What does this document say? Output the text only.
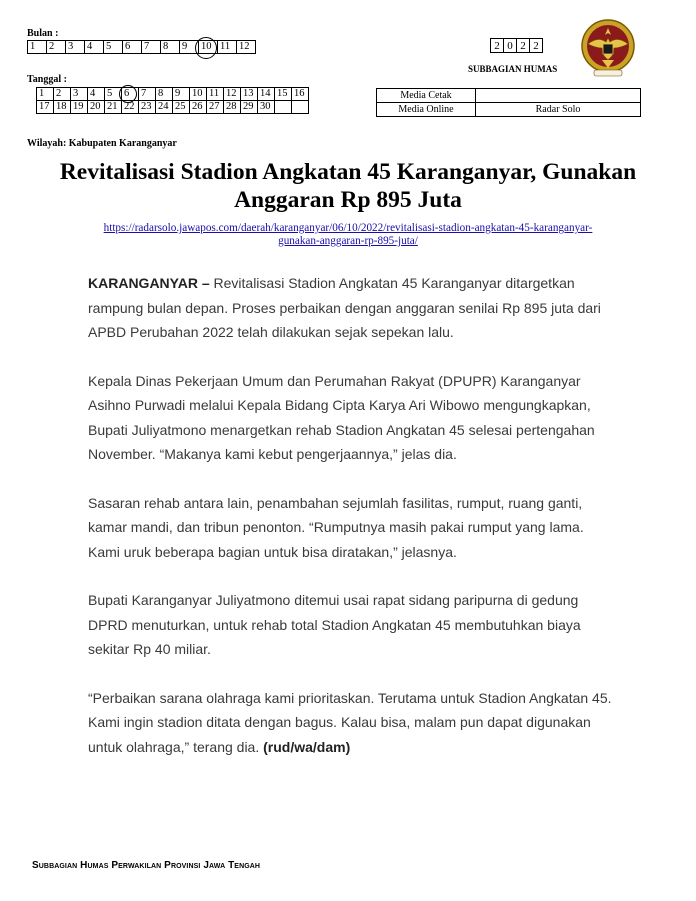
Bulan :
1	2	3	4	5	6	7	8	9	10	11	12	2	0	2	2
SUBBAGIAN HUMAS
Tanggal :
1	2	3	4	5	6	7	8	9	10	11	12	13	14	15	16
17	18	19	20	21	22	23	24	25	26	27	28	29	30		
Media Cetak	
Media Online	Radar Solo
Wilayah: Kabupaten Karanganyar
Revitalisasi Stadion Angkatan 45 Karanganyar, Gunakan
Anggaran Rp 895 Juta
https://radarsolo.jawapos.com/daerah/karanganyar/06/10/2022/revitalisasi-stadion-angkatan-45-karanganyar-
gunakan-anggaran-rp-895-juta/

KARANGANYAR – Revitalisasi Stadion Angkatan 45 Karanganyar ditargetkan rampung bulan depan. Proses perbaikan dengan anggaran senilai Rp 895 juta dari APBD Perubahan 2022 telah dilakukan sejak sepekan lalu.

Kepala Dinas Pekerjaan Umum dan Perumahan Rakyat (DPUPR) Karanganyar Asihno Purwadi melalui Kepala Bidang Cipta Karya Ari Wibowo mengungkapkan, Bupati Juliyatmono menargetkan rehab Stadion Angkatan 45 selesai pertengahan November. “Makanya kami kebut pengerjaannya,” jelas dia.

Sasaran rehab antara lain, penambahan sejumlah fasilitas, rumput, ruang ganti, kamar mandi, dan tribun penonton. “Rumputnya masih pakai rumput yang lama. Kami uruk beberapa bagian untuk bisa diratakan,” jelasnya.

Bupati Karanganyar Juliyatmono ditemui usai rapat sidang paripurna di gedung DPRD menuturkan, untuk rehab total Stadion Angkatan 45 membutuhkan biaya sekitar Rp 40 miliar.

“Perbaikan sarana olahraga kami prioritaskan. Terutama untuk Stadion Angkatan 45. Kami ingin stadion ditata dengan bagus. Kalau bisa, malam pun dapat digunakan untuk olahraga,” terang dia. (rud/wa/dam)

Subbagian Humas Perwakilan Provinsi Jawa Tengah
